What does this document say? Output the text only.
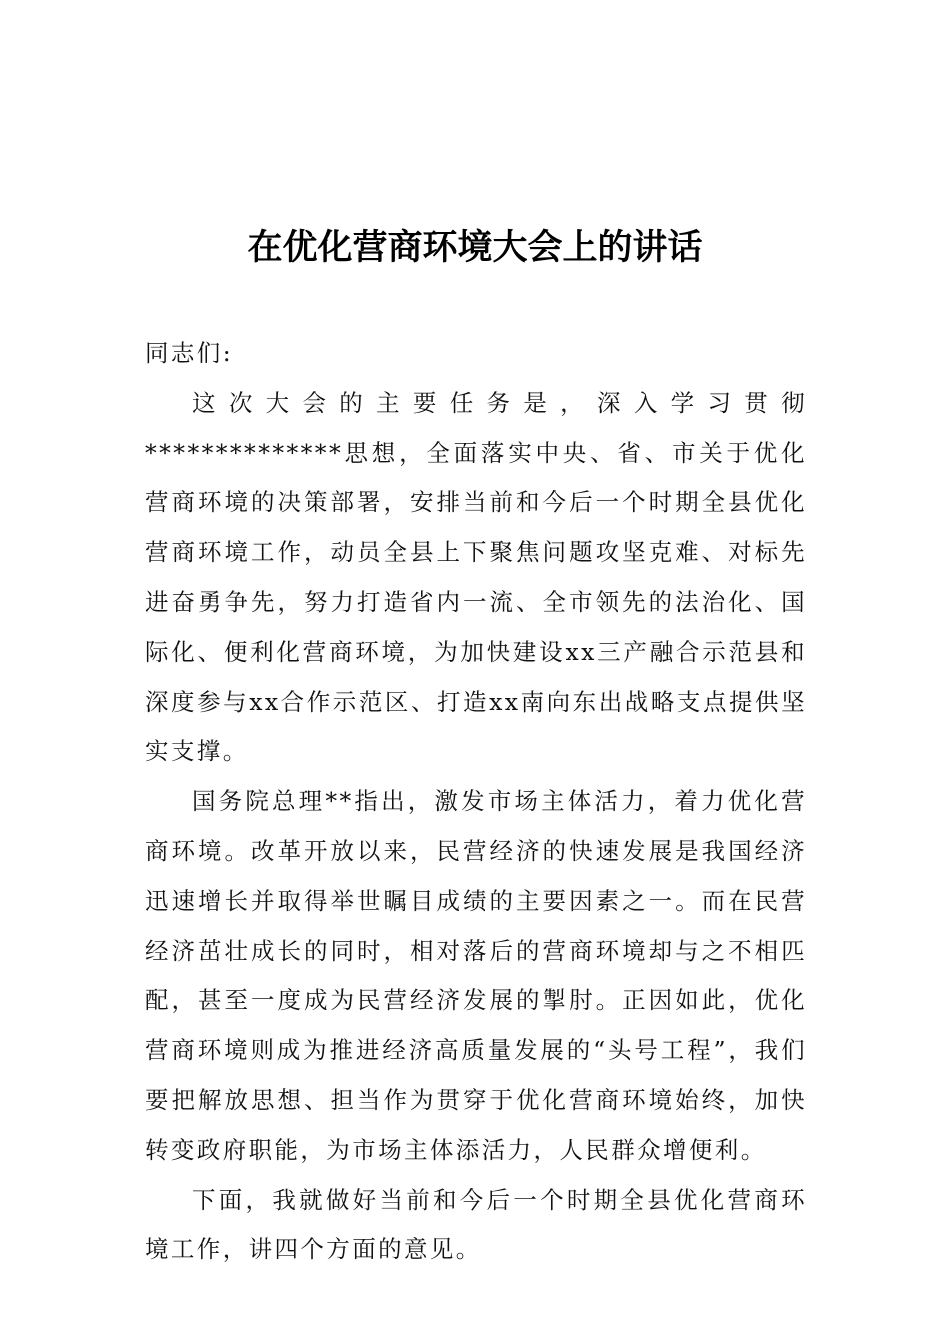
在优化营商环境大会上的讲话

同志们:

这次大会的主要任务是，深入学习贯彻**************思想，全面落实中央、省、市关于优化营商环境的决策部署，安排当前和今后一个时期全县优化营商环境工作，动员全县上下聚焦问题攻坚克难、对标先进奋勇争先，努力打造省内一流、全市领先的法治化、国际化、便利化营商环境，为加快建设xx三产融合示范县和深度参与xx合作示范区、打造xx南向东出战略支点提供坚实支撑。

国务院总理**指出，激发市场主体活力，着力优化营商环境。改革开放以来，民营经济的快速发展是我国经济迅速增长并取得举世瞩目成绩的主要因素之一。而在民营经济茁壮成长的同时，相对落后的营商环境却与之不相匹配，甚至一度成为民营经济发展的掣肘。正因如此，优化营商环境则成为推进经济高质量发展的“头号工程”，我们要把解放思想、担当作为贯穿于优化营商环境始终，加快转变政府职能，为市场主体添活力，人民群众增便利。

下面，我就做好当前和今后一个时期全县优化营商环境工作，讲四个方面的意见。
